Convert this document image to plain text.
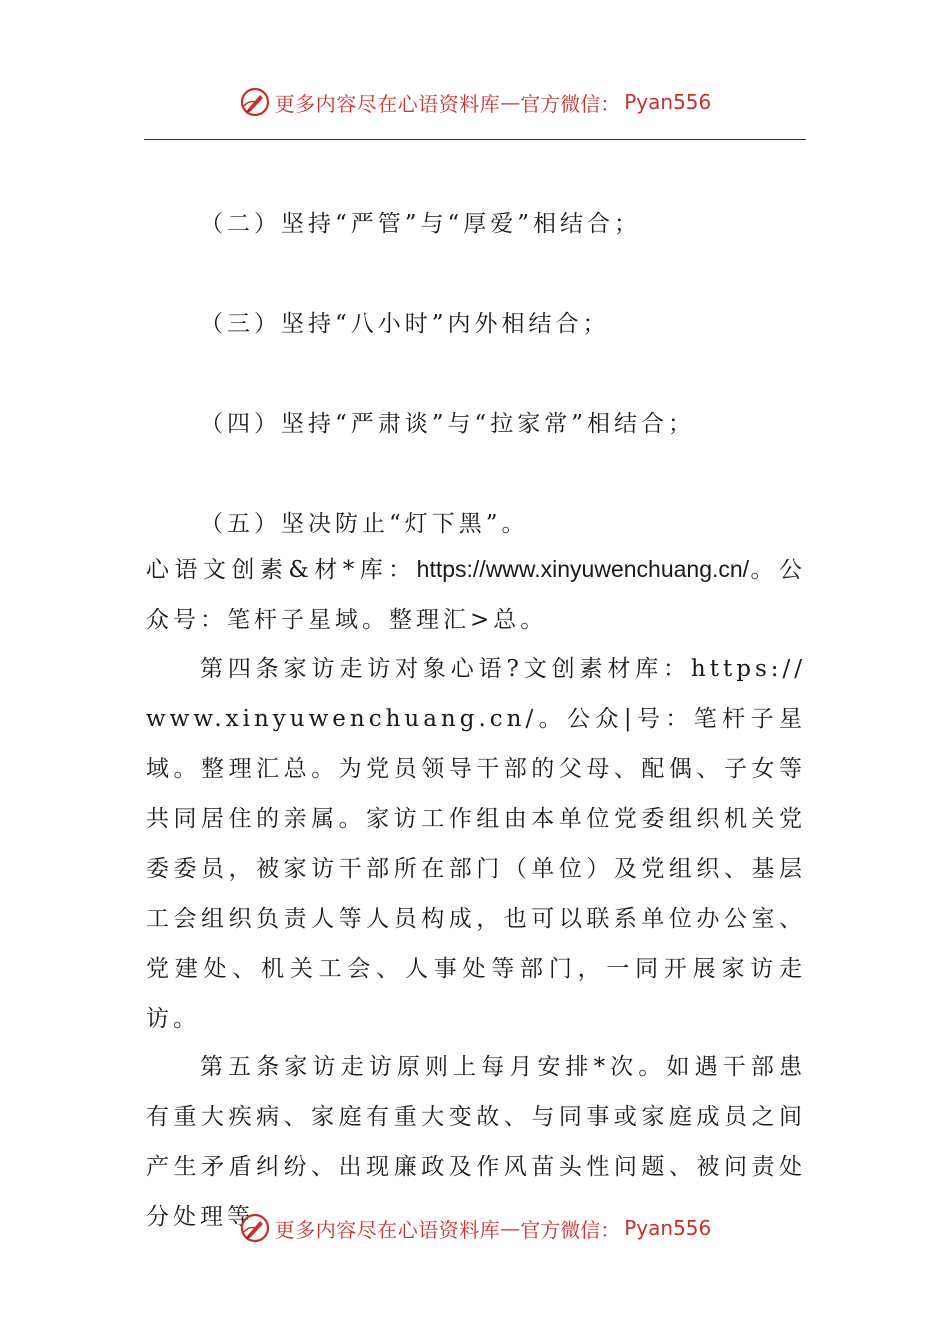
更多内容尽在心语资料库 — 官方微信： Pyan556
（二）坚持“严管”与“厚爱”相结合；
（三）坚持“八小时”内外相结合；
（四）坚持“严肃谈”与“拉家常”相结合；
（五）坚决防止“灯下黑”。
心语文创素&材*库：https://www.xinyuwenchuang.cn/。公众号：笔杆子星域。整理汇>总。
第四条家访走访对象心语?文创素材库：https://www.xinyuwenchuang.cn/。公众|号：笔杆子星域。整理汇总。为党员领导干部的父母、配偶、子女等共同居住的亲属。家访工作组由本单位党委组织机关党委委员，被家访干部所在部门（单位）及党组织、基层工会组织负责人等人员构成，也可以联系单位办公室、党建处、机关工会、人事处等部门，一同开展家访走访。
第五条家访走访原则上每月安排*次。如遇干部患有重大疾病、家庭有重大变故、与同事或家庭成员之间产生矛盾纠纷、出现廉政及作风苗头性问题、被问责处分处理等	更多内容尽在心语资料库 — 官方微信： Pyan556
